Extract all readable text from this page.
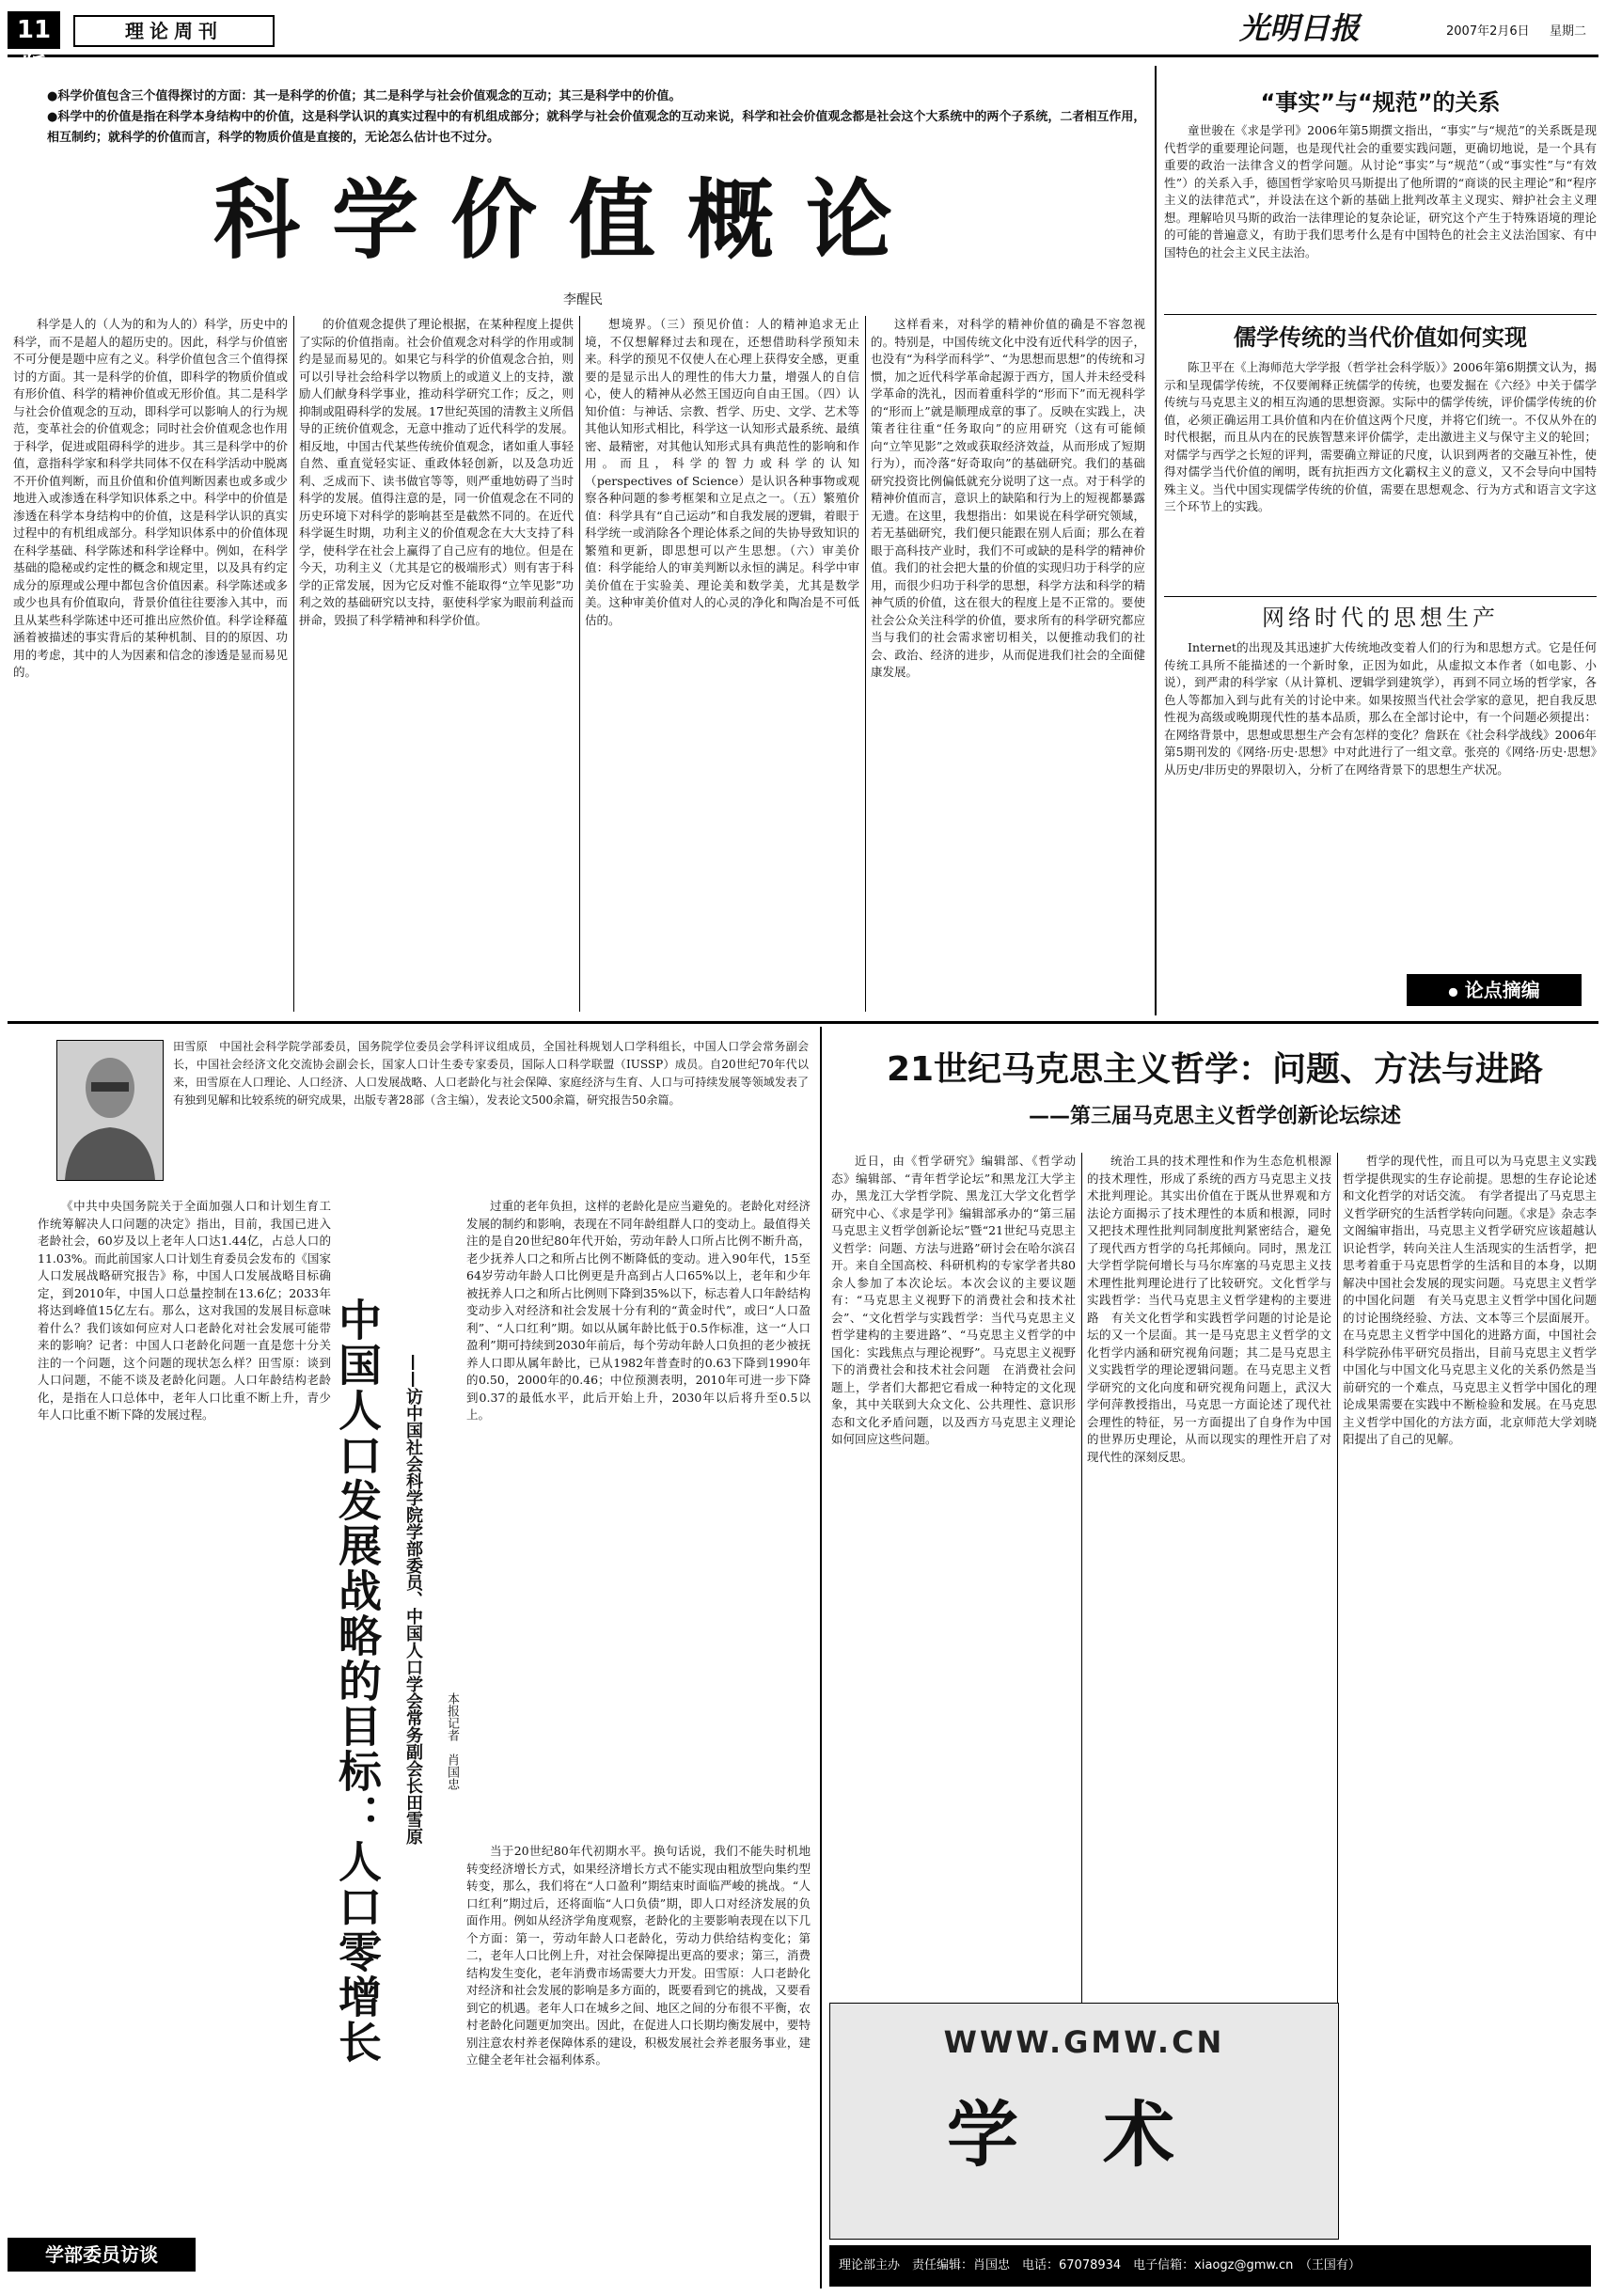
11版
理论周刊	光明日报	2007年2月6日	星期二
●科学价值包含三个值得探讨的方面：其一是科学的价值；其二是科学与社会价值观念的互动；其三是科学中的价值。
●科学中的价值是指在科学本身结构中的价值，这是科学认识的真实过程中的有机组成部分；就科学与社会价值观念的互动来说，科学和社会价值观念都是社会这个大系统中的两个子系统，二者相互作用，相互制约；就科学的价值而言，科学的物质价值是直接的，无论怎么估计也不过分。
科学价值概论
李醒民

科学是人的（人为的和为人的）科学，历史中的科学，而不是超人的超历史的。因此，科学与价值密不可分便是题中应有之义。科学价值包含三个值得探讨的方面。其一是科学的价值，即科学的物质价值或有形价值、科学的精神价值或无形价值。其二是科学与社会价值观念的互动，即科学可以影响人的行为规范，变革社会的价值观念；同时社会价值观念也作用于科学，促进或阻碍科学的进步。其三是科学中的价值，意指科学家和科学共同体不仅在科学活动中脱离不开价值判断，而且价值和价值判断因素也或多或少地进入或渗透在科学知识体系之中。科学中的价值是渗透在科学本身结构中的价值，这是科学认识的真实过程中的有机组成部分。科学知识体系中的价值体现在科学基础、科学陈述和科学诠释中。例如，在科学基础的隐秘或约定性的概念和规定里，以及具有约定成分的原理或公理中都包含价值因素。科学陈述或多或少也具有价值取向，背景价值往往要渗入其中，而且从某些科学陈述中还可推出应然价值。科学诠释蕴涵着被描述的事实背后的某种机制、目的的原因、功用的考虑，其中的人为因素和信念的渗透是显而易见的。

的价值观念提供了理论根据，在某种程度上提供了实际的价值指南。社会价值观念对科学的作用或制约是显而易见的。如果它与科学的价值观念合拍，则可以引导社会给科学以物质上的或道义上的支持，激励人们献身科学事业，推动科学研究工作；反之，则抑制或阻碍科学的发展。17世纪英国的清教主义所倡导的正统价值观念，无意中推动了近代科学的发展。相反地，中国古代某些传统价值观念，诸如重人事轻自然、重直觉轻实证、重政体轻创新，以及急功近利、乏成而下、读书做官等等，则严重地妨碍了当时科学的发展。值得注意的是，同一价值观念在不同的历史环境下对科学的影响甚至是截然不同的。在近代科学诞生时期，功利主义的价值观念在大大支持了科学，使科学在社会上赢得了自己应有的地位。但是在今天，功利主义（尤其是它的极端形式）则有害于科学的正常发展，因为它反对惟不能取得“立竿见影”功利之效的基础研究以支持，驱使科学家为眼前利益而拼命，毁损了科学精神和科学价值。

想境界。（三）预见价值：人的精神追求无止境，不仅想解释过去和现在，还想借助科学预知未来。科学的预见不仅使人在心理上获得安全感，更重要的是显示出人的理性的伟大力量，增强人的自信心，使人的精神从必然王国迈向自由王国。（四）认知价值：与神话、宗教、哲学、历史、文学、艺术等其他认知形式相比，科学这一认知形式最系统、最缜密、最精密，对其他认知形式具有典范性的影响和作用。而且，科学的智力或科学的认知（perspectives of Science）是认识各种事物或观察各种问题的参考框架和立足点之一。（五）繁殖价值：科学具有“自己运动”和自我发展的逻辑，着眼于科学统一或消除各个理论体系之间的失协导致知识的繁殖和更新，即思想可以产生思想。（六）审美价值：科学能给人的审美判断以永恒的满足。科学中审美价值在于实验美、理论美和数学美，尤其是数学美。这种审美价值对人的心灵的净化和陶冶是不可低估的。

这样看来，对科学的精神价值的确是不容忽视的。特别是，中国传统文化中没有近代科学的因子，也没有“为科学而科学”、“为思想而思想”的传统和习惯，加之近代科学革命起源于西方，国人并未经受科学革命的洗礼，因而着重科学的“形而下”而无视科学的“形而上”就是顺理成章的事了。反映在实践上，决策者往往重“任务取向”的应用研究（这有可能倾向“立竿见影”之效或获取经济效益，从而形成了短期行为），而冷落“好奇取向”的基础研究。我们的基础研究投资比例偏低就充分说明了这一点。对于科学的精神价值而言，意识上的缺陷和行为上的短视都暴露无遗。在这里，我想指出：如果说在科学研究领域，若无基础研究，我们便只能跟在别人后面；那么在着眼于高科技产业时，我们不可或缺的是科学的精神价值。我们的社会把大量的价值的实现归功于科学的应用，而很少归功于科学的思想，科学方法和科学的精神气质的价值，这在很大的程度上是不正常的。要使社会公众关注科学的价值，要求所有的科学研究都应当与我们的社会需求密切相关，以便推动我们的社会、政治、经济的进步，从而促进我们社会的全面健康发展。

“事实”与“规范”的关系

童世骏在《求是学刊》2006年第5期撰文指出，“事实”与“规范”的关系既是现代哲学的重要理论问题，也是现代社会的重要实践问题，更确切地说，是一个具有重要的政治一法律含义的哲学问题。从讨论“事实”与“规范”（或“事实性”与“有效性”）的关系入手，德国哲学家哈贝马斯提出了他所谓的“商谈的民主理论”和“程序主义的法律范式”，并设法在这个新的基础上批判改革主义现实、辩护社会主义理想。理解哈贝马斯的政治一法律理论的复杂论证，研究这个产生于特殊语境的理论的可能的普遍意义，有助于我们思考什么是有中国特色的社会主义法治国家、有中国特色的社会主义民主法治。

儒学传统的当代价值如何实现

陈卫平在《上海师范大学学报（哲学社会科学版）》2006年第6期撰文认为，揭示和呈现儒学传统，不仅要阐释正统儒学的传统，也要发掘在《六经》中关于儒学传统与马克思主义的相互沟通的思想资源。实际中的儒学传统，评价儒学传统的价值，必须正确运用工具价值和内在价值这两个尺度，并将它们统一。不仅从外在的时代根据，而且从内在的民族智慧来评价儒学，走出激进主义与保守主义的轮回；对儒学与西学之长短的评判，需要确立辩证的尺度，认识到两者的交融互补性，使得对儒学当代价值的阐明，既有抗拒西方文化霸权主义的意义，又不会导向中国特殊主义。当代中国实现儒学传统的价值，需要在思想观念、行为方式和语言文字这三个环节上的实践。

网络时代的思想生产

Internet的出现及其迅速扩大传统地改变着人们的行为和思想方式。它是任何传统工具所不能描述的一个新时象，正因为如此，从虚拟文本作者（如电影、小说），到严肃的科学家（从计算机、逻辑学到建筑学），再到不同立场的哲学家，各色人等都加入到与此有关的讨论中来。如果按照当代社会学家的意见，把自我反思性视为高级或晚期现代性的基本品质，那么在全部讨论中，有一个问题必须提出：在网络背景中，思想或思想生产会有怎样的变化？詹跃在《社会科学战线》2006年第5期刊发的《网络·历史·思想》中对此进行了一组文章。张亮的《网络·历史·思想》从历史/非历史的界限切入，分析了在网络背景下的思想生产状况。

● 论点摘编
田雪原　中国社会科学院学部委员，国务院学位委员会学科评议组成员，全国社科规划人口学科组长，中国人口学会常务副会长，中国社会经济文化交流协会副会长，国家人口计生委专家委员，国际人口科学联盟（IUSSP）成员。自20世纪70年代以来，田雪原在人口理论、人口经济、人口发展战略、人口老龄化与社会保障、家庭经济与生育、人口与可持续发展等领域发表了有独到见解和比较系统的研究成果，出版专著28部（含主编），发表论文500余篇，研究报告50余篇。

《中共中央国务院关于全面加强人口和计划生育工作统筹解决人口问题的决定》指出，目前，我国已进入老龄社会，60岁及以上老年人口达1.44亿，占总人口的11.03%。而此前国家人口计划生育委员会发布的《国家人口发展战略研究报告》称，中国人口发展战略目标确定，到2010年，中国人口总量控制在13.6亿；2033年将达到峰值15亿左右。那么，这对我国的发展目标意味着什么？我们该如何应对人口老龄化对社会发展可能带来的影响？记者：中国人口老龄化问题一直是您十分关注的一个问题，这个问题的现状怎么样？田雪原：谈到人口问题，不能不谈及老龄化问题。人口年龄结构老龄化，是指在人口总体中，老年人口比重不断上升，青少年人口比重不断下降的发展过程。	中国人口发展战略的目标：人口零增长 ——访中国社会科学院学部委员、中国人口学会常务副会长田雪原 本报记者　肖国忠

过重的老年负担，这样的老龄化是应当避免的。老龄化对经济发展的制约和影响，表现在不同年龄组群人口的变动上。最值得关注的是自20世纪80年代开始，劳动年龄人口所占比例不断升高，老少抚养人口之和所占比例不断降低的变动。进入90年代，15至64岁劳动年龄人口比例更是升高到占人口65%以上，老年和少年被抚养人口之和所占比例则下降到35%以下，标志着人口年龄结构变动步入对经济和社会发展十分有利的“黄金时代”，或曰“人口盈利”、“人口红利”期。如以从属年龄比低于0.5作标准，这一“人口盈利”期可持续到2030年前后，每个劳动年龄人口负担的老少被抚养人口即从属年龄比，已从1982年普查时的0.63下降到1990年的0.50，2000年的0.46；中位预测表明，2010年可进一步下降到0.37的最低水平，此后开始上升，2030年以后将升至0.5以上。

当于20世纪80年代初期水平。换句话说，我们不能失时机地转变经济增长方式，如果经济增长方式不能实现由粗放型向集约型转变，那么，我们将在“人口盈利”期结束时面临严峻的挑战。“人口红利”期过后，还将面临“人口负债”期，即人口对经济发展的负面作用。例如从经济学角度观察，老龄化的主要影响表现在以下几个方面：第一，劳动年龄人口老龄化，劳动力供给结构变化；第二，老年人口比例上升，对社会保障提出更高的要求；第三，消费结构发生变化，老年消费市场需要大力开发。田雪原：人口老龄化对经济和社会发展的影响是多方面的，既要看到它的挑战，又要看到它的机遇。老年人口在城乡之间、地区之间的分布很不平衡，农村老龄化问题更加突出。因此，在促进人口长期均衡发展中，要特别注意农村养老保障体系的建设，积极发展社会养老服务事业，建立健全老年社会福利体系。

学部委员访谈
21世纪马克思主义哲学：问题、方法与进路
——第三届马克思主义哲学创新论坛综述

近日，由《哲学研究》编辑部、《哲学动态》编辑部、“青年哲学论坛”和黑龙江大学主办，黑龙江大学哲学院、黑龙江大学文化哲学研究中心、《求是学刊》编辑部承办的“第三届马克思主义哲学创新论坛”暨“21世纪马克思主义哲学：问题、方法与进路”研讨会在哈尔滨召开。来自全国高校、科研机构的专家学者共80余人参加了本次论坛。本次会议的主要议题有：“马克思主义视野下的消费社会和技术社会”、“文化哲学与实践哲学：当代马克思主义哲学建构的主要进路”、“马克思主义哲学的中国化：实践焦点与理论视野”。马克思主义视野下的消费社会和技术社会问题　在消费社会问题上，学者们大都把它看成一种特定的文化现象，其中关联到大众文化、公共理性、意识形态和文化矛盾问题，以及西方马克思主义理论如何回应这些问题。

统治工具的技术理性和作为生态危机根源的技术理性，形成了系统的西方马克思主义技术批判理论。其实出价值在于既从世界观和方法论方面揭示了技术理性的本质和根源，同时又把技术理性批判同制度批判紧密结合，避免了现代西方哲学的乌托邦倾向。同时，黑龙江大学哲学院何增长与马尔库塞的马克思主义技术理性批判理论进行了比较研究。文化哲学与实践哲学：当代马克思主义哲学建构的主要进路　有关文化哲学和实践哲学问题的讨论是论坛的又一个层面。其一是马克思主义哲学的文化哲学内涵和研究视角问题；其二是马克思主义实践哲学的理论逻辑问题。在马克思主义哲学研究的文化向度和研究视角问题上，武汉大学何萍教授指出，马克思一方面论述了现代社会理性的特征，另一方面提出了自身作为中国的世界历史理论，从而以现实的理性开启了对现代性的深刻反思。

哲学的现代性，而且可以为马克思主义实践哲学提供现实的生存论前提。思想的生存论论述和文化哲学的对话交流。　有学者提出了马克思主义哲学研究的生活哲学转向问题。《求是》杂志李文阁编审指出，马克思主义哲学研究应该超越认识论哲学，转向关注人生活现实的生活哲学，把思考着重于马克思哲学的生活和目的本身，以期解决中国社会发展的现实问题。马克思主义哲学的中国化问题　有关马克思主义哲学中国化问题的讨论围绕经验、方法、文本等三个层面展开。在马克思主义哲学中国化的进路方面，中国社会科学院孙伟平研究员指出，目前马克思主义哲学中国化与中国文化马克思主义化的关系仍然是当前研究的一个难点，马克思主义哲学中国化的理论成果需要在实践中不断检验和发展。在马克思主义哲学中国化的方法方面，北京师范大学刘晓阳提出了自己的见解。

WWW.GMW.CN
学术
理论部主办　责任编辑：肖国忠　电话：67078934　电子信箱：xiaogz@gmw.cn　（王国有）
